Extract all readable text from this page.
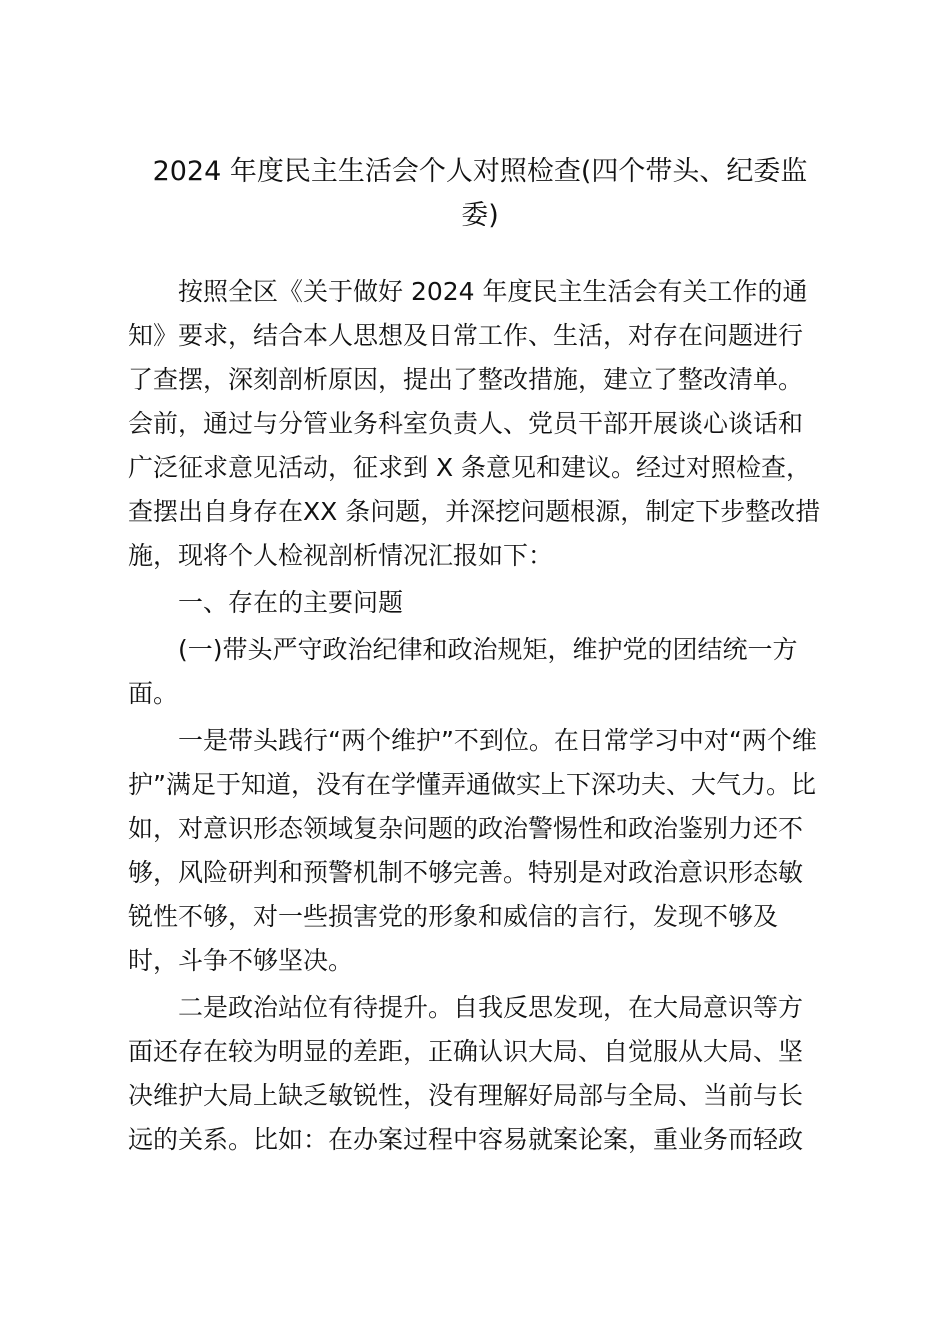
2024 年度民主生活会个人对照检查(四个带头、纪委监
委)
按照全区《关于做好 2024 年度民主生活会有关工作的通
知》要求，结合本人思想及日常工作、生活，对存在问题进行
了查摆，深刻剖析原因，提出了整改措施，建立了整改清单。
会前，通过与分管业务科室负责人、党员干部开展谈心谈话和
广泛征求意见活动，征求到 X 条意见和建议。经过对照检查，
查摆出自身存在XX 条问题，并深挖问题根源，制定下步整改措
施，现将个人检视剖析情况汇报如下：
一、存在的主要问题
(一)带头严守政治纪律和政治规矩，维护党的团结统一方
面。
一是带头践行“两个维护”不到位。在日常学习中对“两个维
护”满足于知道，没有在学懂弄通做实上下深功夫、大气力。比
如，对意识形态领域复杂问题的政治警惕性和政治鉴别力还不
够，风险研判和预警机制不够完善。特别是对政治意识形态敏
锐性不够，对一些损害党的形象和威信的言行，发现不够及
时，斗争不够坚决。
二是政治站位有待提升。自我反思发现，在大局意识等方
面还存在较为明显的差距，正确认识大局、自觉服从大局、坚
决维护大局上缺乏敏锐性，没有理解好局部与全局、当前与长
远的关系。比如：在办案过程中容易就案论案，重业务而轻政
